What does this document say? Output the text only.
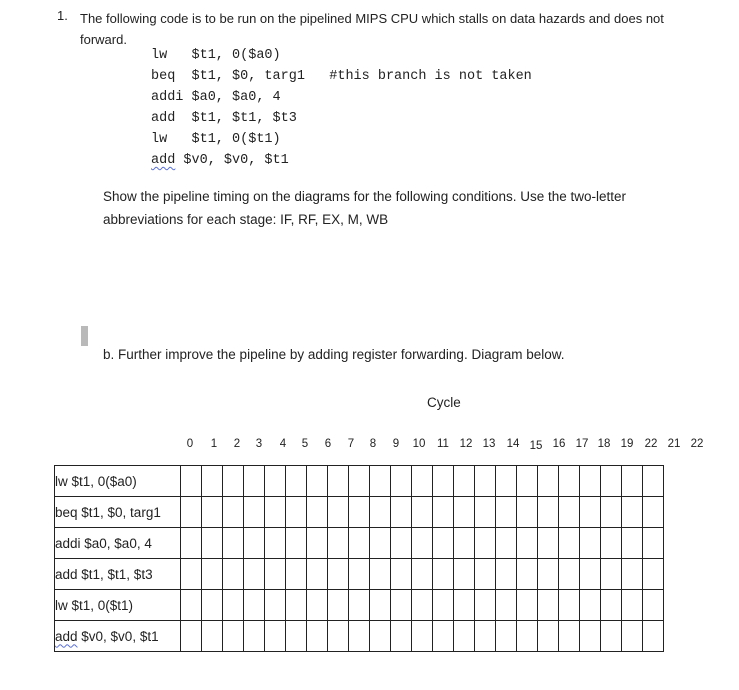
1. The following code is to be run on the pipelined MIPS CPU which stalls on data hazards and does not forward.
lw   $t1, 0($a0)
beq  $t1, $0, targ1   #this branch is not taken
addi $a0, $a0, 4
add  $t1, $t1, $t3
lw   $t1, 0($t1)
add $v0, $v0, $t1
Show the pipeline timing on the diagrams for the following conditions. Use the two-letter abbreviations for each stage: IF, RF, EX, M, WB
b. Further improve the pipeline by adding register forwarding. Diagram below.
Cycle
0	1	2	3	4	5	6	7	8	9	10	11 12 13 14 15 16 17 18 19 22 21 22
lw $t1, 0($a0)																							
beq $t1, $0, targ1																							
addi $a0, $a0, 4																							
add $t1, $t1, $t3																							
lw $t1, 0($t1)																							
add $v0, $v0, $t1																							
